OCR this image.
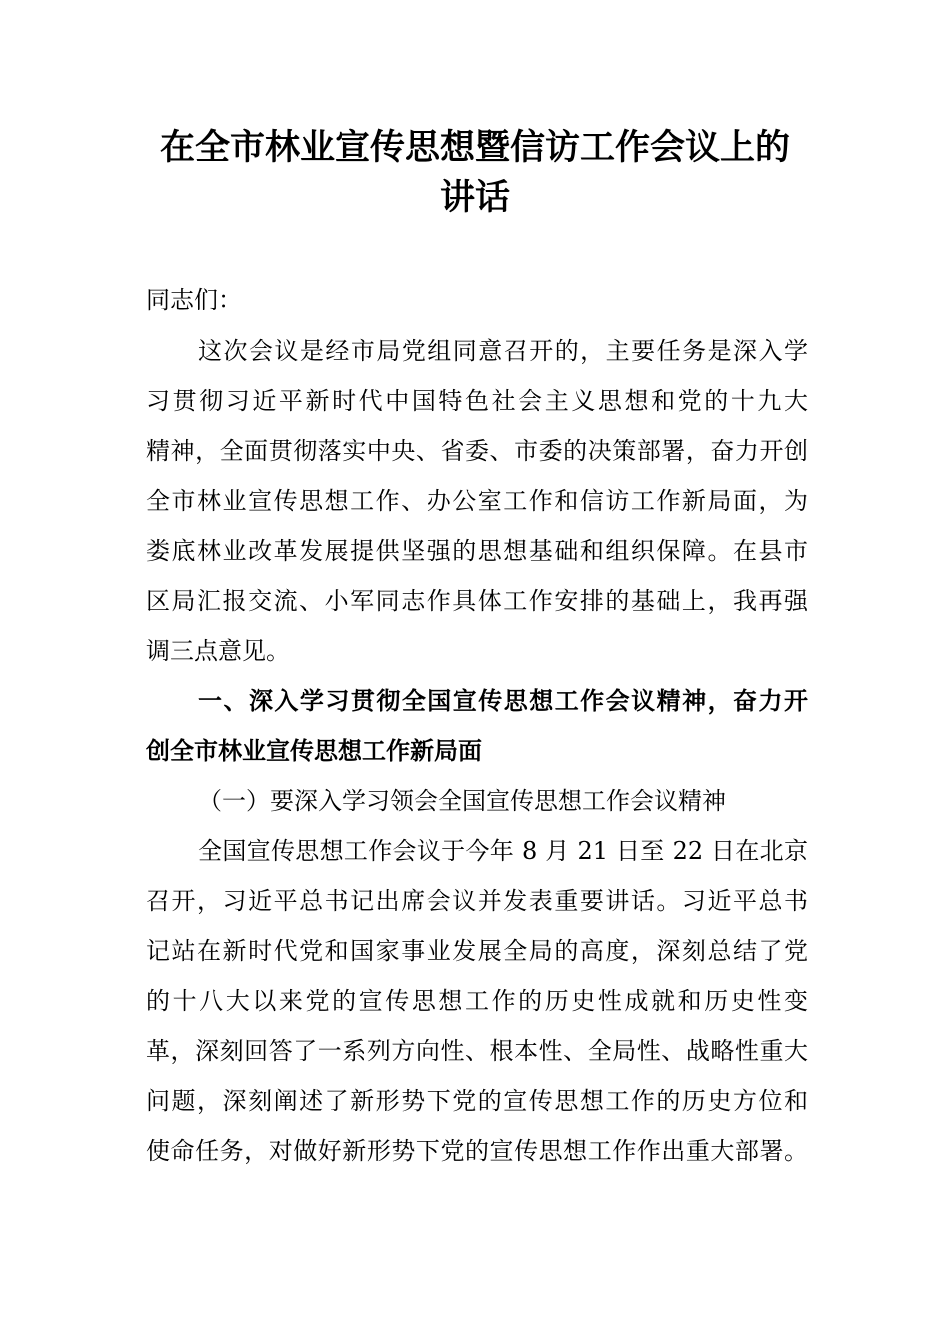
在全市林业宣传思想暨信访工作会议上的
讲话
同志们：
这次会议是经市局党组同意召开的，主要任务是深入学
习贯彻习近平新时代中国特色社会主义思想和党的十九大
精神，全面贯彻落实中央、省委、市委的决策部署，奋力开创
全市林业宣传思想工作、办公室工作和信访工作新局面，为
娄底林业改革发展提供坚强的思想基础和组织保障。在县市
区局汇报交流、小军同志作具体工作安排的基础上，我再强
调三点意见。
一、深入学习贯彻全国宣传思想工作会议精神，奋力开
创全市林业宣传思想工作新局面
（一）要深入学习领会全国宣传思想工作会议精神
全国宣传思想工作会议于今年 8 月 21 日至 22 日在北京
召开，习近平总书记出席会议并发表重要讲话。习近平总书
记站在新时代党和国家事业发展全局的高度，深刻总结了党
的十八大以来党的宣传思想工作的历史性成就和历史性变
革，深刻回答了一系列方向性、根本性、全局性、战略性重大
问题，深刻阐述了新形势下党的宣传思想工作的历史方位和
使命任务，对做好新形势下党的宣传思想工作作出重大部署。
